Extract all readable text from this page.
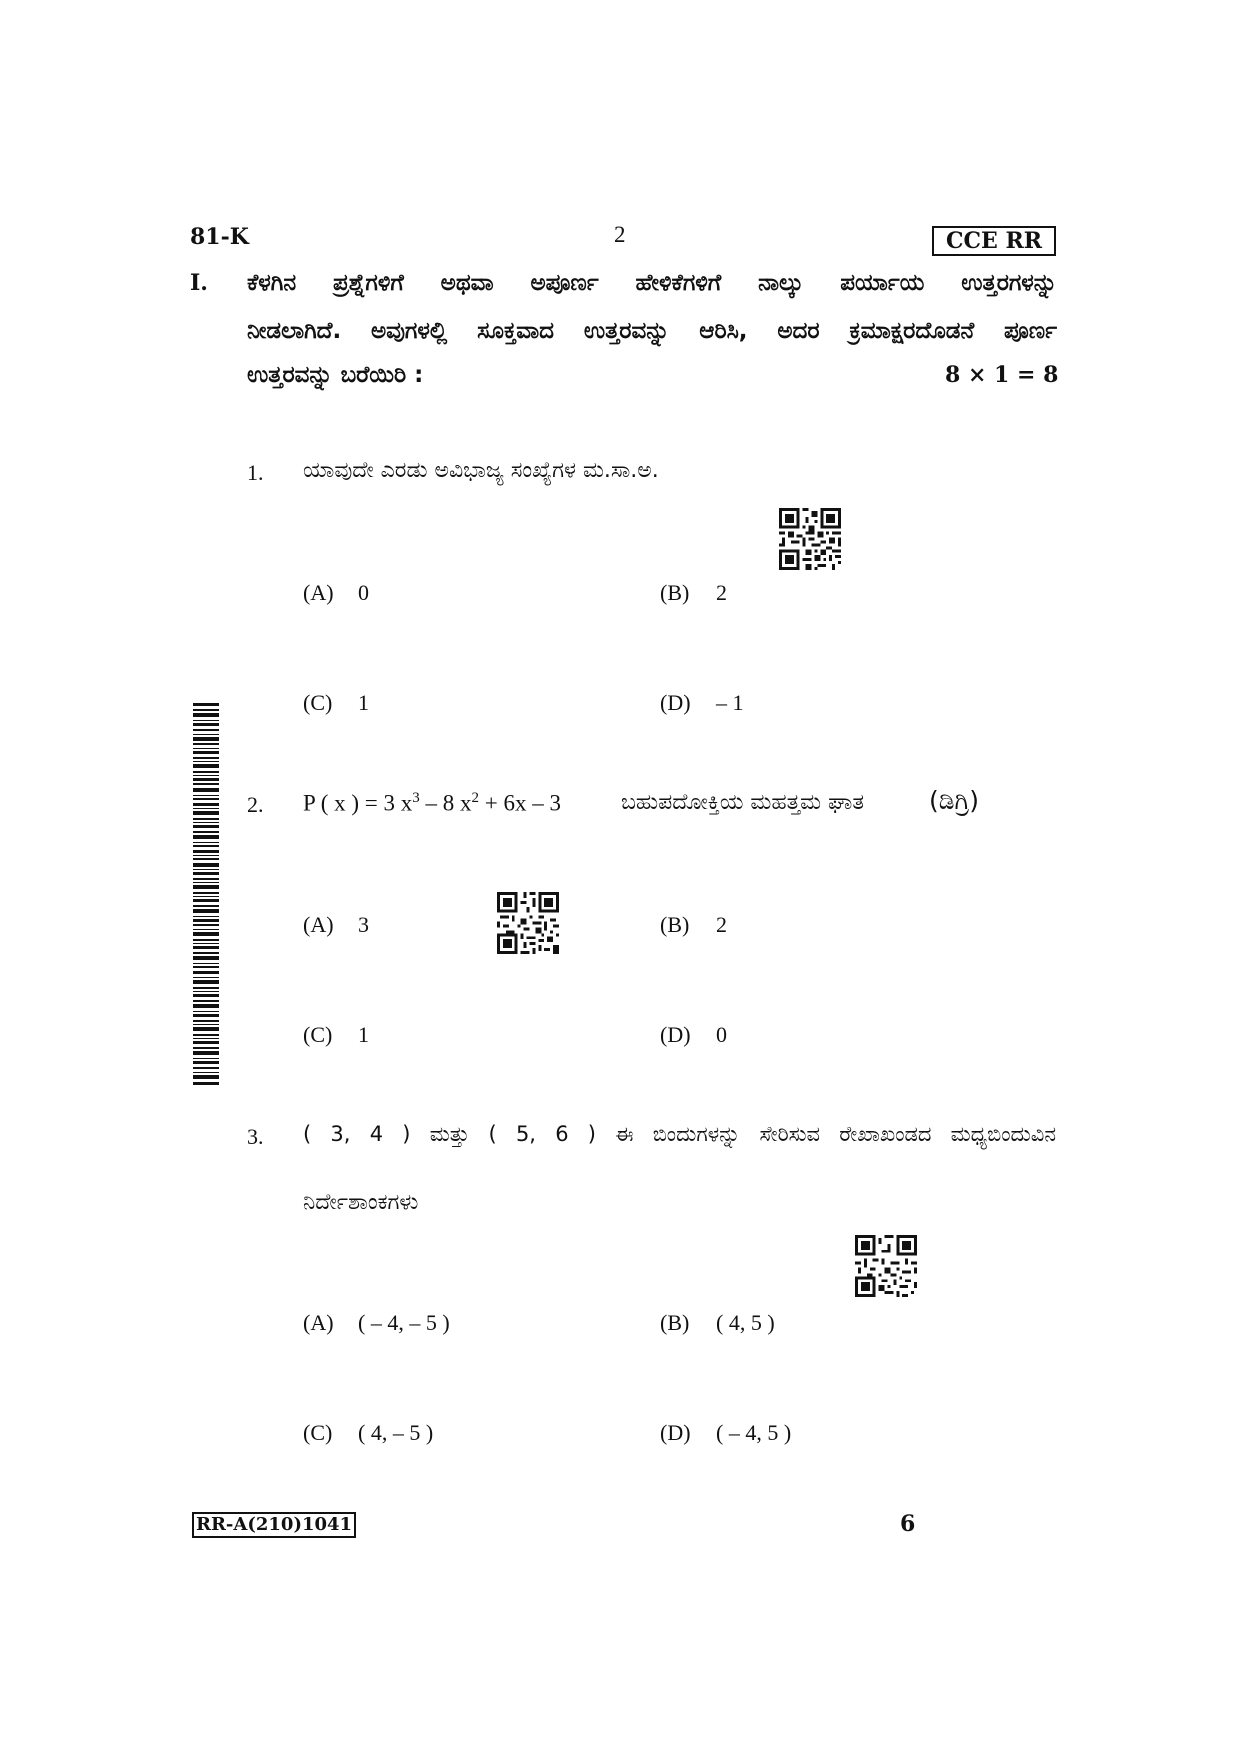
81-K	2	CCE RR
I. ಕೆಳಗಿನ ಪ್ರಶ್ನೆಗಳಿಗೆ ಅಥವಾ ಅಪೂರ್ಣ ಹೇಳಿಕೆಗಳಿಗೆ ನಾಲ್ಕು ಪರ್ಯಾಯ ಉತ್ತರಗಳನ್ನು
ನೀಡಲಾಗಿದೆ. ಅವುಗಳಲ್ಲಿ ಸೂಕ್ತವಾದ ಉತ್ತರವನ್ನು ಆರಿಸಿ, ಅದರ ಕ್ರಮಾಕ್ಷರದೊಡನೆ ಪೂರ್ಣ
ಉತ್ತರವನ್ನು ಬರೆಯಿರಿ :	8 × 1 = 8
1. ಯಾವುದೇ ಎರಡು ಅವಿಭಾಜ್ಯ ಸಂಖ್ಯೆಗಳ ಮ.ಸಾ.ಅ.
(A) 0	(B) 2
(C) 1	(D) – 1
2. P ( x ) = 3 $x^3 - 8$ $x^2 + 6x - 3$	ಬಹುಪದೋಕ್ತಿಯ ಮಹತ್ತಮ ಘಾತ	(ಡಿಗ್ರಿ)
(A) 3	(B) 2
(C) 1	(D) 0
3. ( 3, 4 ) ಮತ್ತು ( 5, 6 ) ಈ ಬಿಂದುಗಳನ್ನು ಸೇರಿಸುವ ರೇಖಾಖಂಡದ ಮಧ್ಯಬಿಂದುವಿನ
ನಿರ್ದೇಶಾಂಕಗಳು
(A) ( – 4, – 5 )	(B) ( 4, 5 )
(C) ( 4, – 5 )	(D) ( – 4, 5 )
RR-A(210)1041	6
